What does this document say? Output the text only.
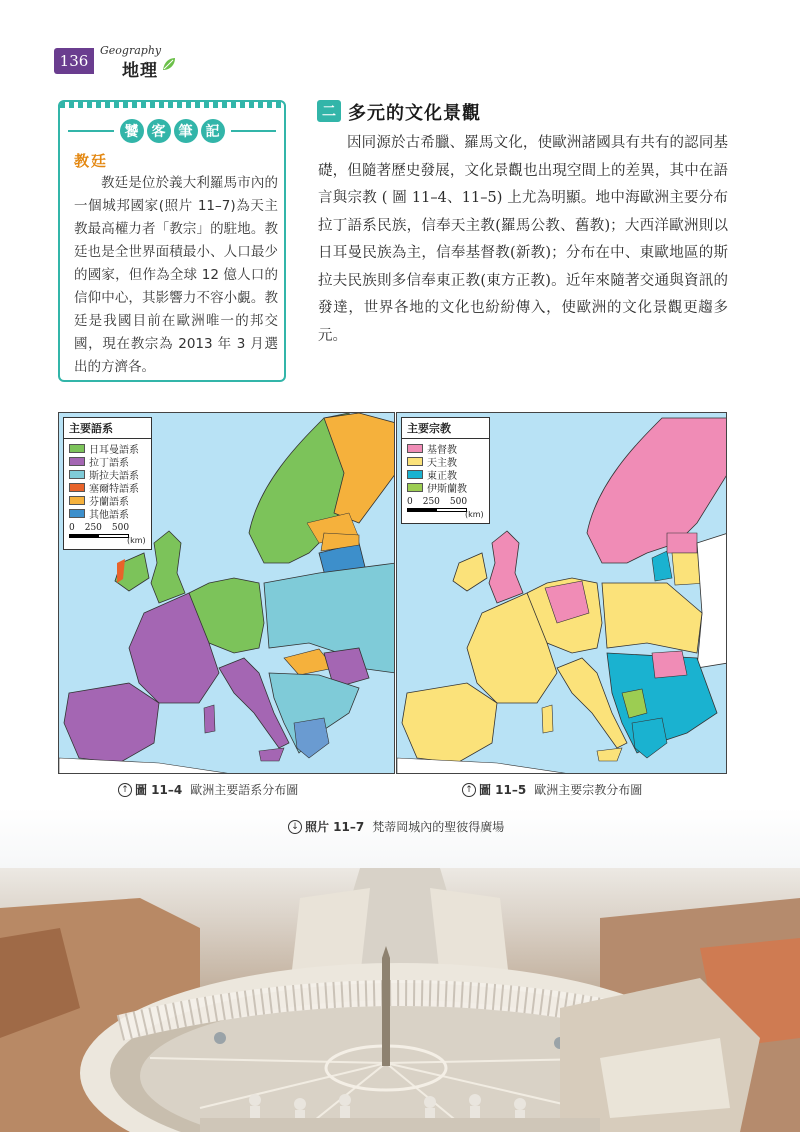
136
Geography
地理
饕 客 筆 記
教廷

教廷是位於義大利羅馬市內的一個城邦國家(照片 11–7)為天主教最高權力者「教宗」的駐地。教廷也是全世界面積最小、人口最少的國家，但作為全球 12 億人口的信仰中心，其影響力不容小覷。教廷是我國目前在歐洲唯一的邦交國，現在教宗為 2013 年 3 月選出的方濟各。

二 多元的文化景觀

因同源於古希臘、羅馬文化，使歐洲諸國具有共有的認同基礎，但隨著歷史發展，文化景觀也出現空間上的差異，其中在語言與宗教 ( 圖 11–4、11–5) 上尤為明顯。地中海歐洲主要分布拉丁語系民族，信奉天主教(羅馬公教、舊教)；大西洋歐洲則以日耳曼民族為主，信奉基督教(新教)；分布在中、東歐地區的斯拉夫民族則多信奉東正教(東方正教)。近年來隨著交通與資訊的發達，世界各地的文化也紛紛傳入，使歐洲的文化景觀更趨多元。

主要語系
日耳曼語系
拉丁語系
斯拉夫語系
塞爾特語系
芬蘭語系
其他語系
0 250 500
(km)
主要宗教
基督教
天主教
東正教
伊斯蘭教
0 250 500
(km)
↑ 圖 11–4 歐洲主要語系分布圖	↑ 圖 11–5 歐洲主要宗教分布圖
↓ 照片 11–7 梵蒂岡城內的聖彼得廣場
